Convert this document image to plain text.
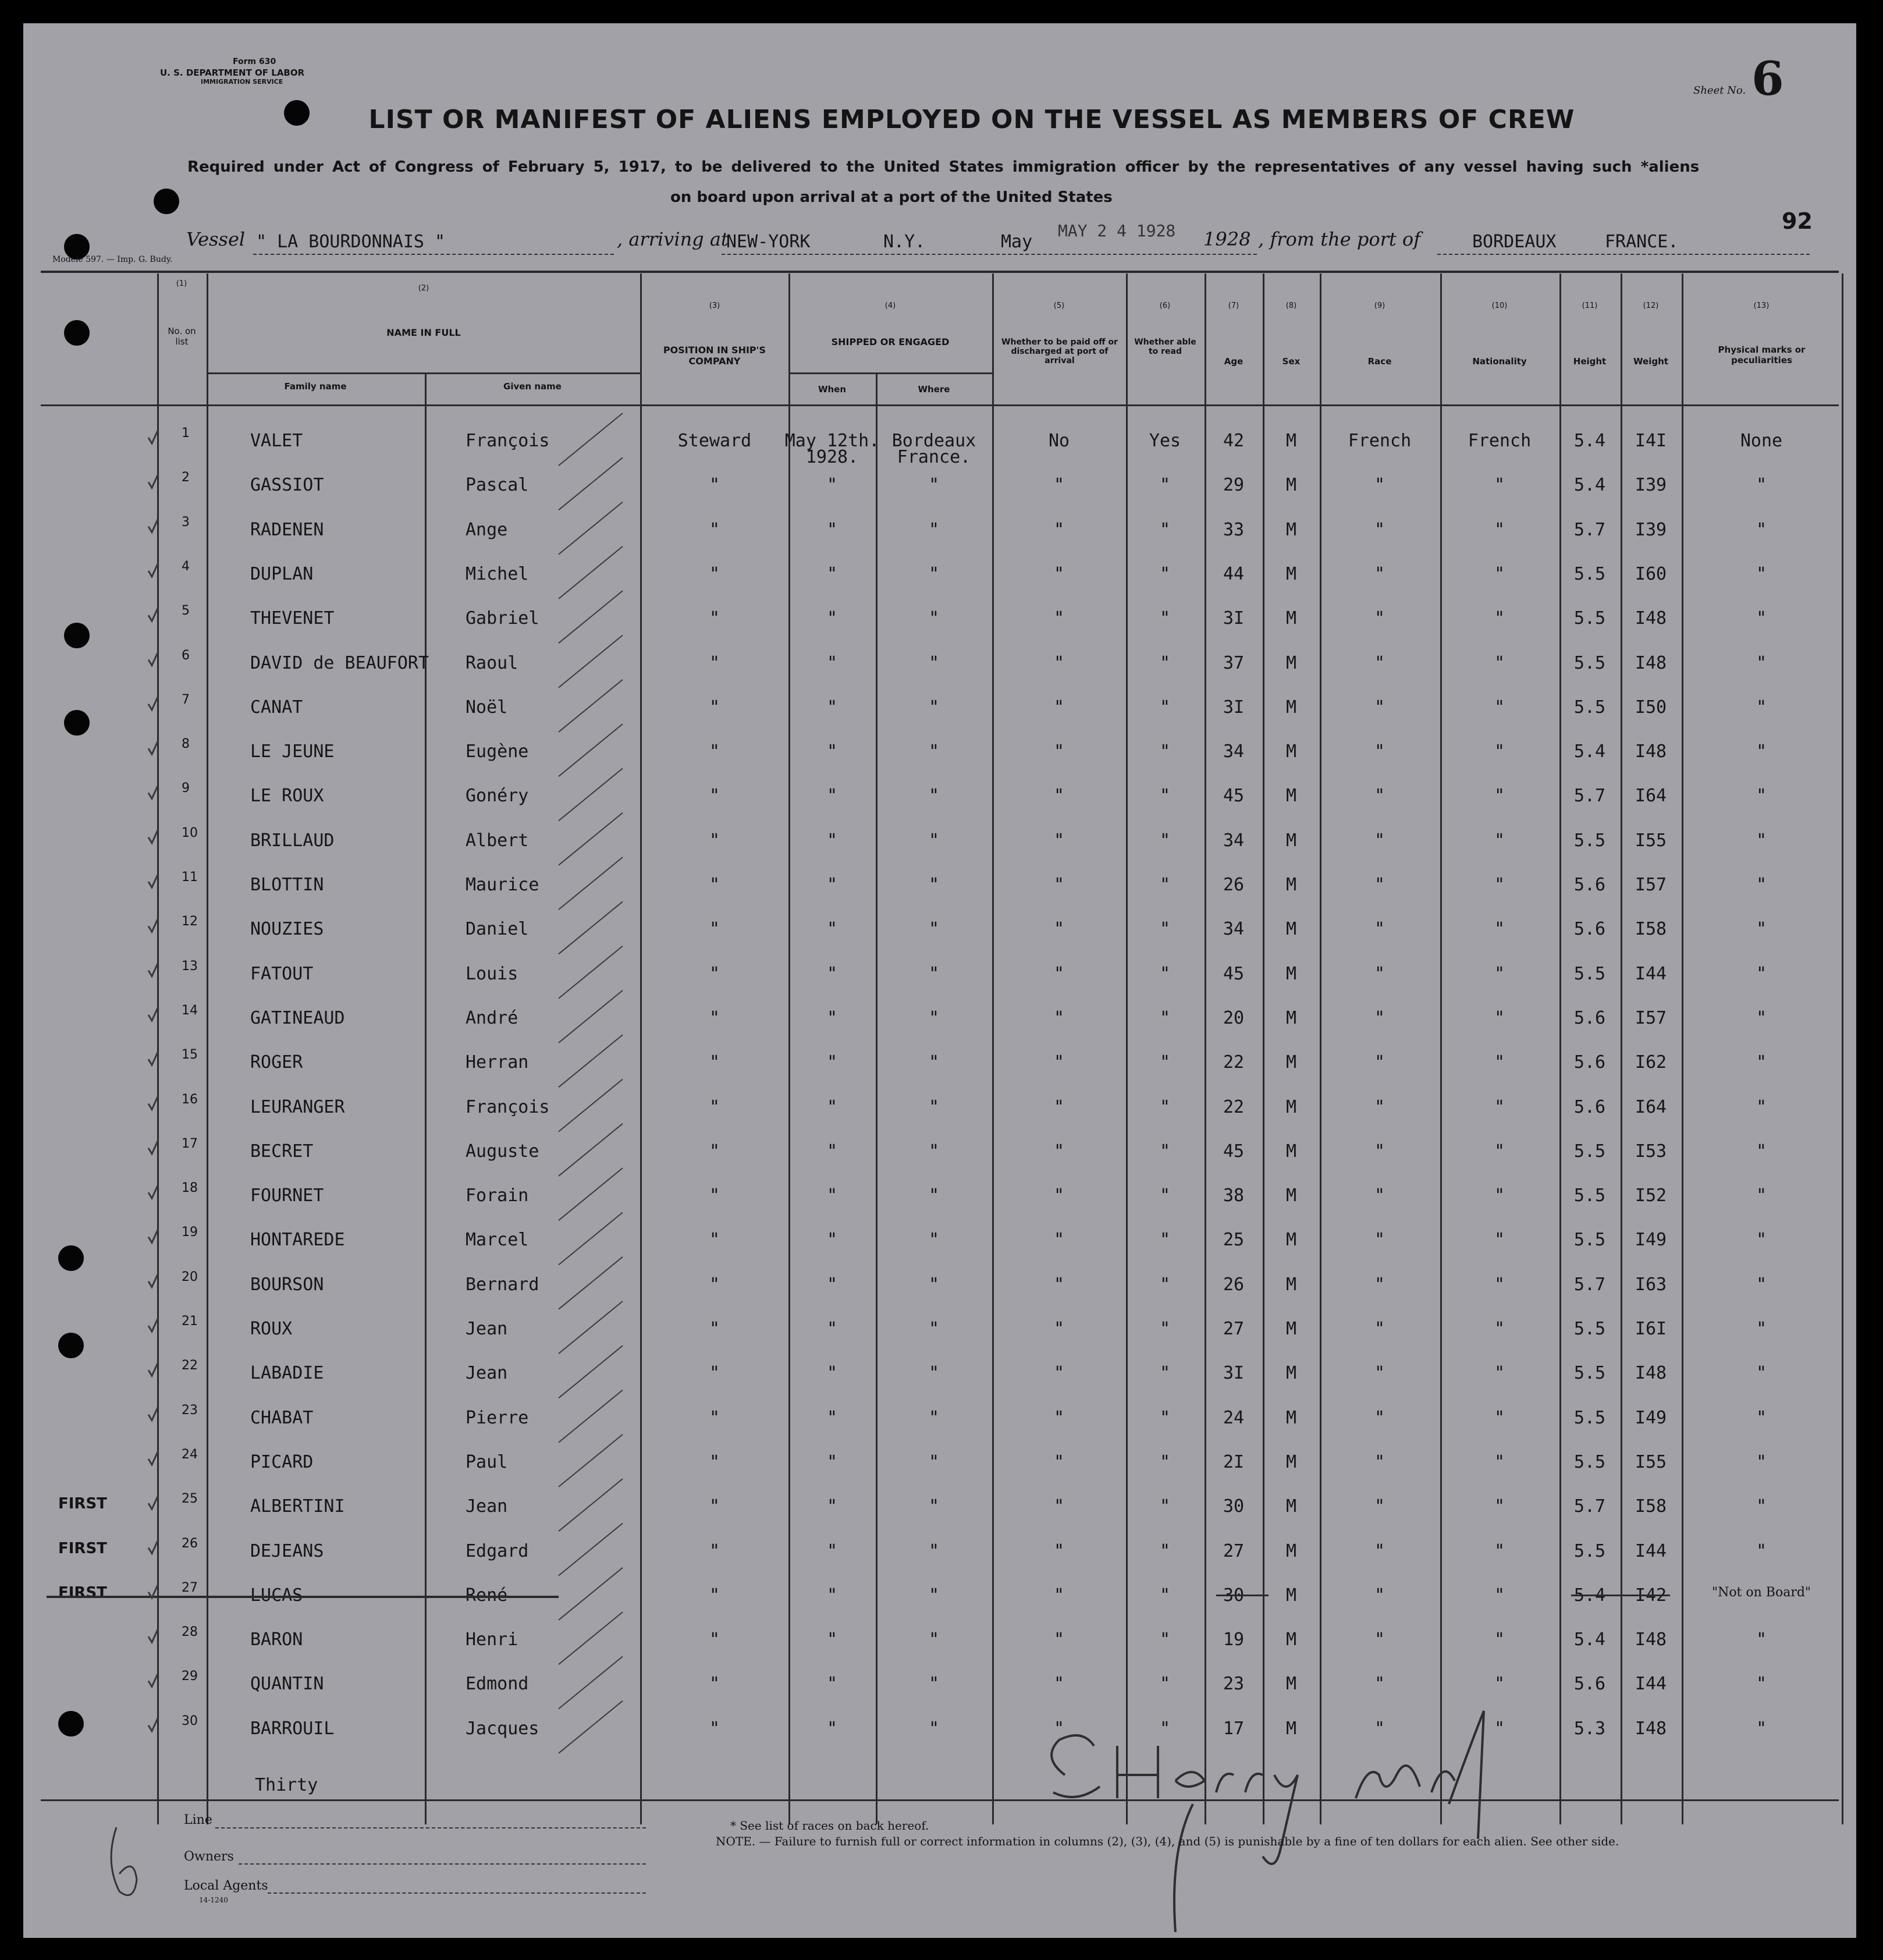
Form 630
U. S. DEPARTMENT OF LABOR
IMMIGRATION SERVICE
Sheet No. 6
LIST OR MANIFEST OF ALIENS EMPLOYED ON THE VESSEL AS MEMBERS OF CREW
Required under Act of Congress of February 5, 1917, to be delivered to the United States immigration officer by the representatives of any vessel having such *aliens
on board upon arrival at a port of the United States
92
Vessel " LA BOURDONNAIS "	, arriving at
NEW-YORK	N.Y.	May
MAY 2 4 1928 1928 , from the port of	BORDEAUX	FRANCE.
Modèle 597. — Imp. G. Budy.
(1)
No. on list
(2)
NAME IN FULL
Family name	Given name
(3)
POSITION IN SHIP'S COMPANY
(4)
SHIPPED OR ENGAGED
When	Where
(5)
Whether to be paid off or discharged at port of arrival
(6)
Whether able to read
(7)
Age
(8)
Sex
(9)
Race
(10)
Nationality
(11)
Height
(12)
Weight
(13)
Physical marks or peculiarities
1	VALET	François	Steward May 12th. Bordeaux	No	Yes 42 M	French	French 5.4 I4I	None
1928. France.
2	GASSIOT	Pascal	"	"	"	"	"	29 M	"	"	5.4 I39	"
3	RADENEN	Ange	"	"	"	"	"	33 M	"	"	5.7 I39	"
4	DUPLAN	Michel	"	"	"	"	"	44 M	"	"	5.5 I60	"
5	THEVENET	Gabriel	"	"	"	"	"	3I M	"	"	5.5 I48	"
6	DAVID de BEAUFORT Raoul	"	"	"	"	"	37 M	"	"	5.5 I48	"
7	CANAT	Noël	"	"	"	"	"	3I M	"	"	5.5 I50	"
8	LE JEUNE	Eugène	"	"	"	"	"	34 M	"	"	5.4 I48	"
9	LE ROUX	Gonéry	"	"	"	"	"	45 M	"	"	5.7 I64	"
10	BRILLAUD	Albert	"	"	"	"	"	34 M	"	"	5.5 I55	"
11	BLOTTIN	Maurice	"	"	"	"	"	26 M	"	"	5.6 I57	"
12	NOUZIES	Daniel	"	"	"	"	"	34 M	"	"	5.6 I58	"
13	FATOUT	Louis	"	"	"	"	"	45 M	"	"	5.5 I44	"
14	GATINEAUD	André	"	"	"	"	"	20 M	"	"	5.6 I57	"
15	ROGER	Herran	"	"	"	"	"	22 M	"	"	5.6 I62	"
16	LEURANGER	François	"	"	"	"	"	22 M	"	"	5.6 I64	"
17	BECRET	Auguste	"	"	"	"	"	45 M	"	"	5.5 I53	"
18	FOURNET	Forain	"	"	"	"	"	38 M	"	"	5.5 I52	"
19	HONTAREDE	Marcel	"	"	"	"	"	25 M	"	"	5.5 I49	"
20	BOURSON	Bernard	"	"	"	"	"	26 M	"	"	5.7 I63	"
21	ROUX	Jean	"	"	"	"	"	27 M	"	"	5.5 I6I	"
22	LABADIE	Jean	"	"	"	"	"	3I M	"	"	5.5 I48	"
23	CHABAT	Pierre	"	"	"	"	"	24 M	"	"	5.5 I49	"
24	PICARD	Paul	"	"	"	"	"	2I M	"	"	5.5 I55	"
25	ALBERTINI	Jean	"	"	"	"	"	30 M	"	"	5.7 I58	"
FIRST
26	DEJEANS	Edgard	"	"	"	"	"	27 M	"	"	5.5 I44	"
FIRST
27	LUCAS	René	"	"	"	"	"	30 M	"	"	5.4 I42	"Not on Board"
FIRST
28	BARON	Henri	"	"	"	"	"	19 M	"	"	5.4 I48	"
29	QUANTIN	Edmond	"	"	"	"	"	23 M	"	"	5.6 I44	"
30	BARROUIL	Jacques	"	"	"	"	"	17 M	"	"	5.3 I48	"
Thirty
Line
Owners
Local Agents
14-1240
* See list of races on back hereof.
NOTE. — Failure to furnish full or correct information in columns (2), (3), (4), and (5) is punishable by a fine of ten dollars for each alien. See other side.
